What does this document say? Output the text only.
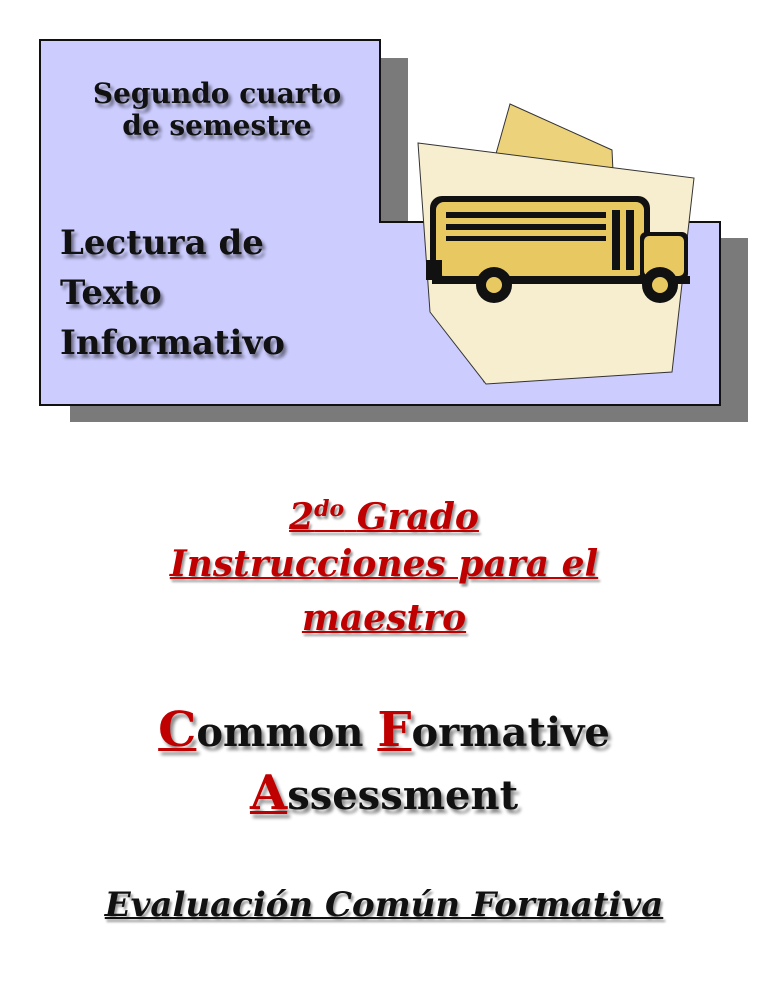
Segundo cuarto
de semestre
Lectura de
Texto
Informativo
$2^{do}$ Grado
Instrucciones para el
maestro
Common Formative
Assessment
Evaluación Común Formativa
